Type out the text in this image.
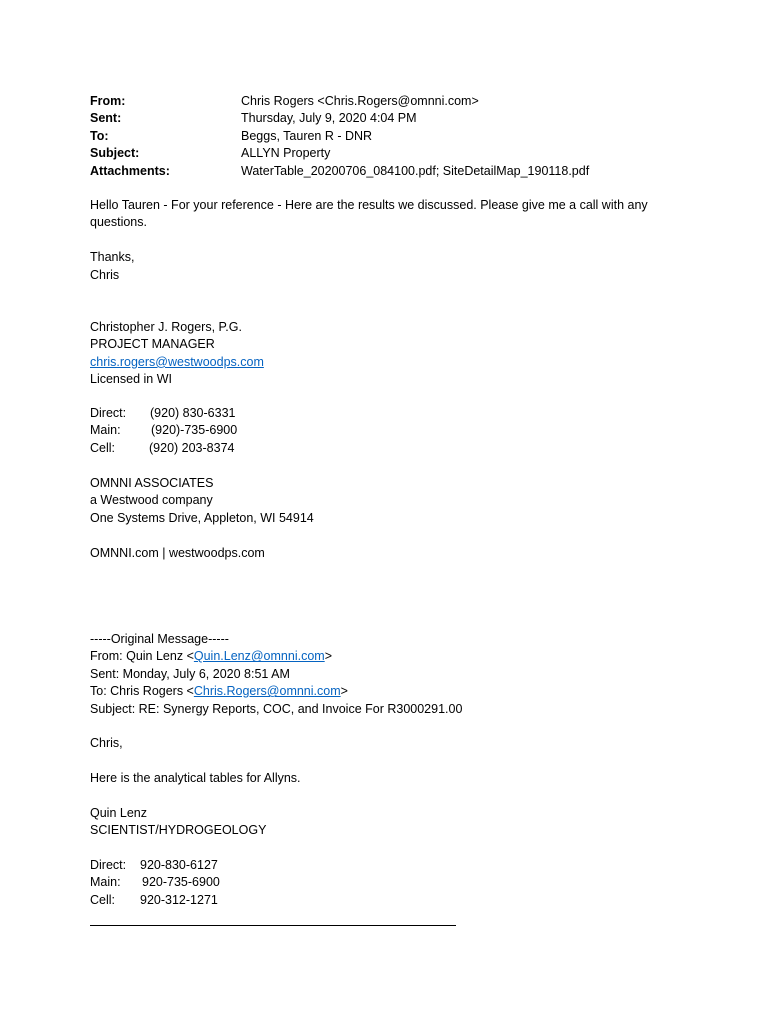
From:	Chris Rogers <Chris.Rogers@omnni.com>
Sent:	Thursday, July 9, 2020 4:04 PM
To:	Beggs, Tauren R - DNR
Subject:	ALLYN Property
Attachments:	WaterTable_20200706_084100.pdf; SiteDetailMap_190118.pdf
Hello Tauren - For your reference - Here are the results we discussed. Please give me a call with any
questions.
Thanks,
Chris
Christopher J. Rogers, P.G.
PROJECT MANAGER
chris.rogers@westwoodps.com
Licensed in WI
Direct:	(920) 830-6331
Main:	(920)-735-6900
Cell:	(920) 203-8374
OMNNI ASSOCIATES
a Westwood company
One Systems Drive, Appleton, WI 54914
OMNNI.com | westwoodps.com
-----Original Message-----
From: Quin Lenz <Quin.Lenz@omnni.com>
Sent: Monday, July 6, 2020 8:51 AM
To: Chris Rogers <Chris.Rogers@omnni.com>
Subject: RE: Synergy Reports, COC, and Invoice For R3000291.00
Chris,
Here is the analytical tables for Allyns.
Quin Lenz
SCIENTIST/HYDROGEOLOGY
Direct:	920-830-6127
Main:	920-735-6900
Cell:	920-312-1271
